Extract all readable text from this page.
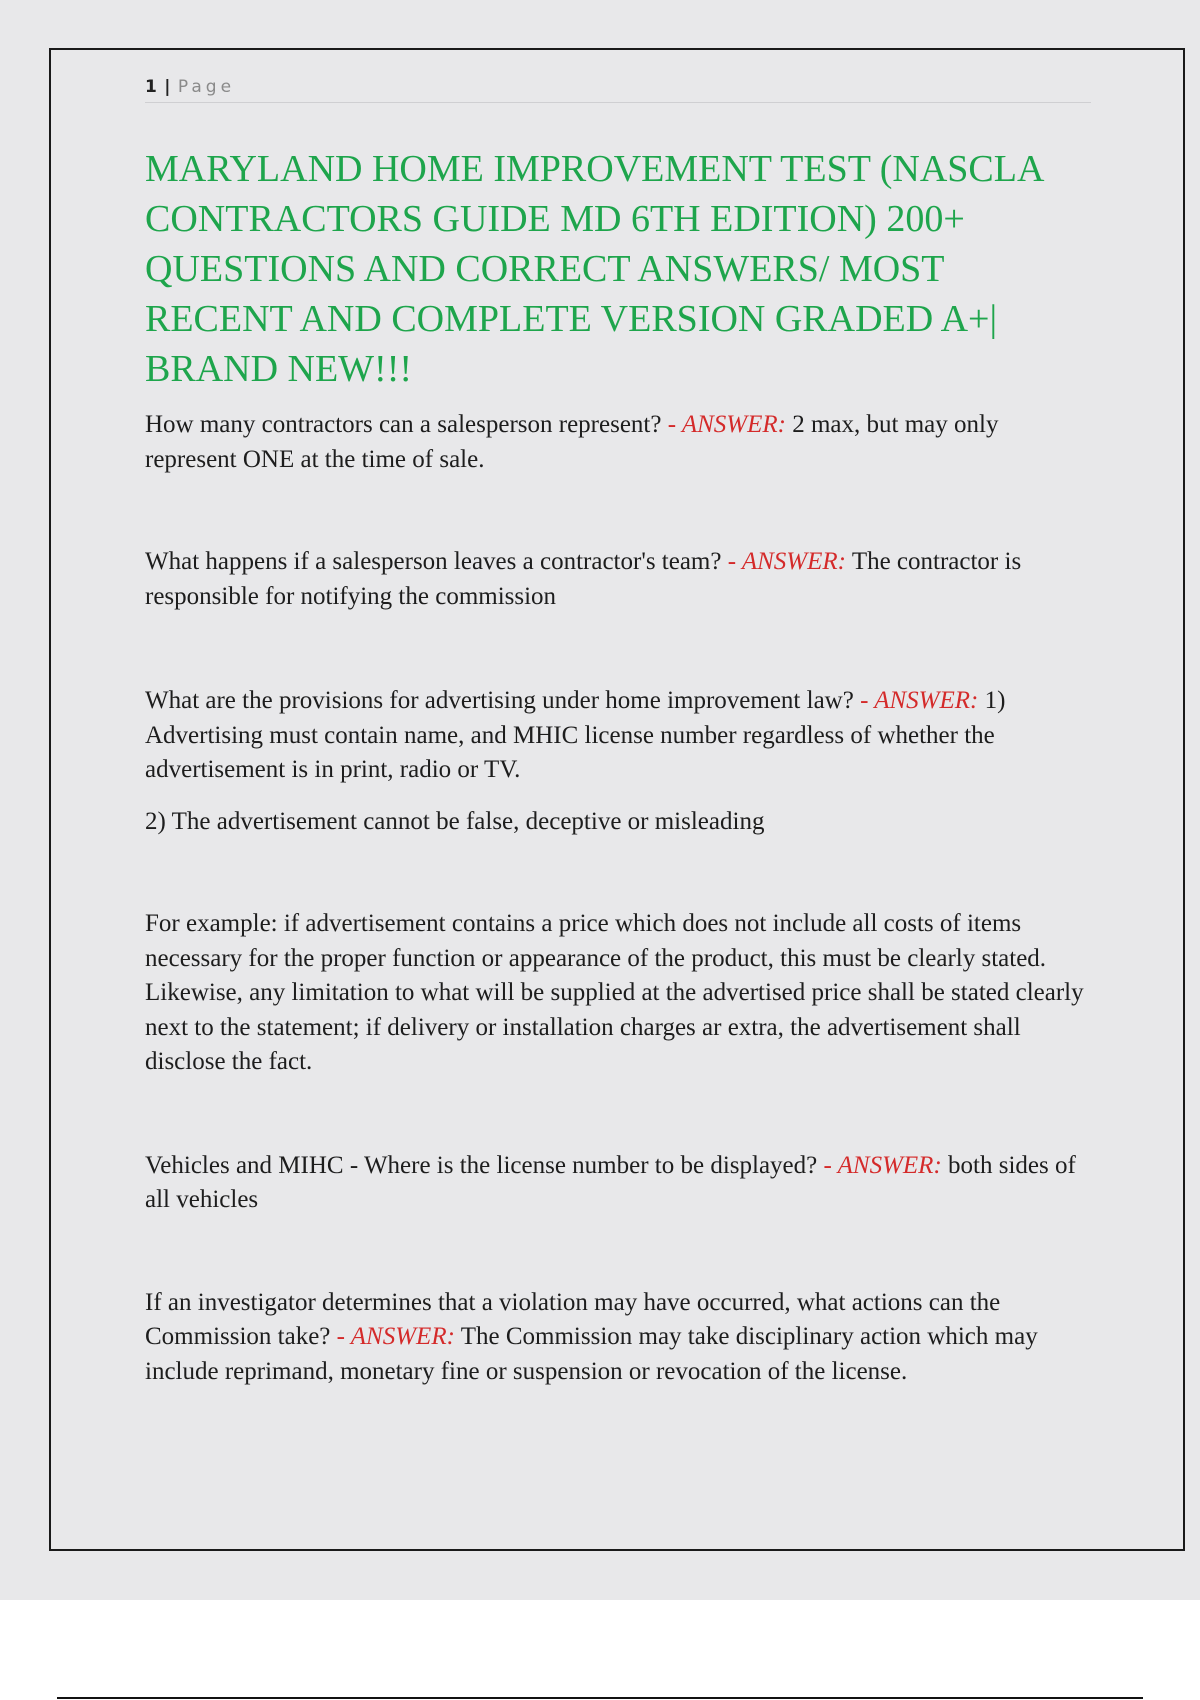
1 | Page
MARYLAND HOME IMPROVEMENT TEST (NASCLA CONTRACTORS GUIDE MD 6TH EDITION) 200+ QUESTIONS AND CORRECT ANSWERS/ MOST RECENT AND COMPLETE VERSION GRADED A+| BRAND NEW!!!

How many contractors can a salesperson represent? - ANSWER: 2 max, but may only represent ONE at the time of sale.

What happens if a salesperson leaves a contractor's team? - ANSWER: The contractor is responsible for notifying the commission

What are the provisions for advertising under home improvement law? - ANSWER: 1) Advertising must contain name, and MHIC license number regardless of whether the advertisement is in print, radio or TV.

2) The advertisement cannot be false, deceptive or misleading

For example: if advertisement contains a price which does not include all costs of items necessary for the proper function or appearance of the product, this must be clearly stated. Likewise, any limitation to what will be supplied at the advertised price shall be stated clearly next to the statement; if delivery or installation charges ar extra, the advertisement shall disclose the fact.

Vehicles and MIHC - Where is the license number to be displayed? - ANSWER: both sides of all vehicles

If an investigator determines that a violation may have occurred, what actions can the Commission take? - ANSWER: The Commission may take disciplinary action which may include reprimand, monetary fine or suspension or revocation of the license.
